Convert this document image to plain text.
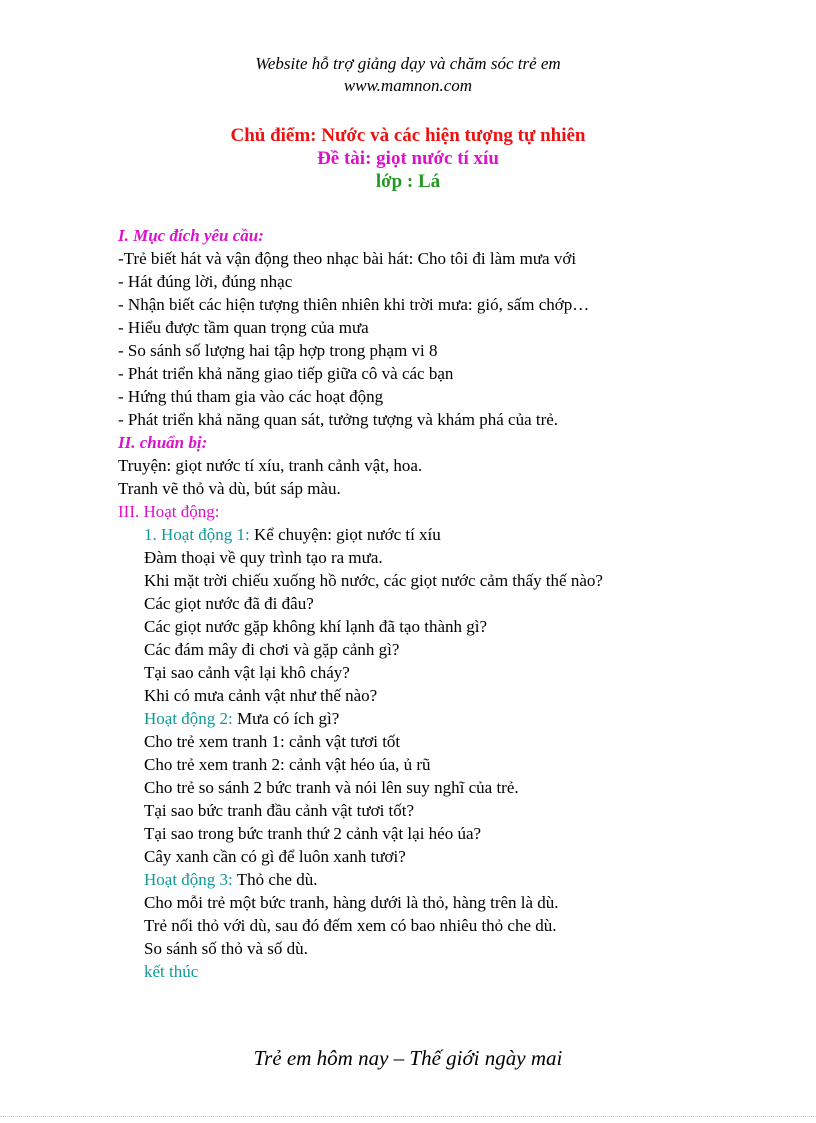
Website hỗ trợ giảng dạy và chăm sóc trẻ em
www.mamnon.com
Chủ điểm: Nước và các hiện tượng tự nhiên
Đề tài: giọt nước tí xíu
lớp : Lá
I. Mục đích yêu cầu:
-Trẻ biết hát và vận động theo nhạc bài hát: Cho tôi đi làm mưa với
- Hát đúng lời, đúng nhạc
- Nhận biết các hiện tượng thiên nhiên khi trời mưa: gió, sấm chớp…
- Hiểu được tầm quan trọng của mưa
- So sánh số lượng hai tập hợp trong phạm vi 8
- Phát triển khả năng giao tiếp giữa cô và các bạn
- Hứng thú tham gia vào các hoạt động
- Phát triển khả năng quan sát, tưởng tượng và khám phá của trẻ.
II. chuẩn bị:
Truyện: giọt nước tí xíu, tranh cảnh vật, hoa.
Tranh vẽ thỏ và dù, bút sáp màu.
III. Hoạt động:
1. Hoạt động 1: Kể chuyện: giọt nước tí xíu
Đàm thoại về quy trình tạo ra mưa.
Khi mặt trời chiếu xuống hồ nước, các giọt nước cảm thấy thế nào?
Các giọt nước đã đi đâu?
Các giọt nước gặp không khí lạnh đã tạo thành gì?
Các đám mây đi chơi và gặp cảnh gì?
Tại sao cảnh vật lại khô cháy?
Khi có mưa cảnh vật như thế nào?
Hoạt động 2: Mưa có ích gì?
Cho trẻ xem tranh 1: cảnh vật tươi tốt
Cho trẻ xem tranh 2: cảnh vật héo úa, ủ rũ
Cho trẻ so sánh 2 bức tranh và nói lên suy nghĩ của trẻ.
Tại sao bức tranh đầu cảnh vật tươi tốt?
Tại sao trong bức tranh thứ 2 cảnh vật lại héo úa?
Cây xanh cần có gì để luôn xanh tươi?
Hoạt động 3: Thỏ che dù.
Cho mỗi trẻ một bức tranh, hàng dưới là thỏ, hàng trên là dù.
Trẻ nối thỏ với dù, sau đó đếm xem có bao nhiêu thỏ che dù.
So sánh số thỏ và số dù.
kết thúc
Trẻ em hôm nay – Thế giới ngày mai
